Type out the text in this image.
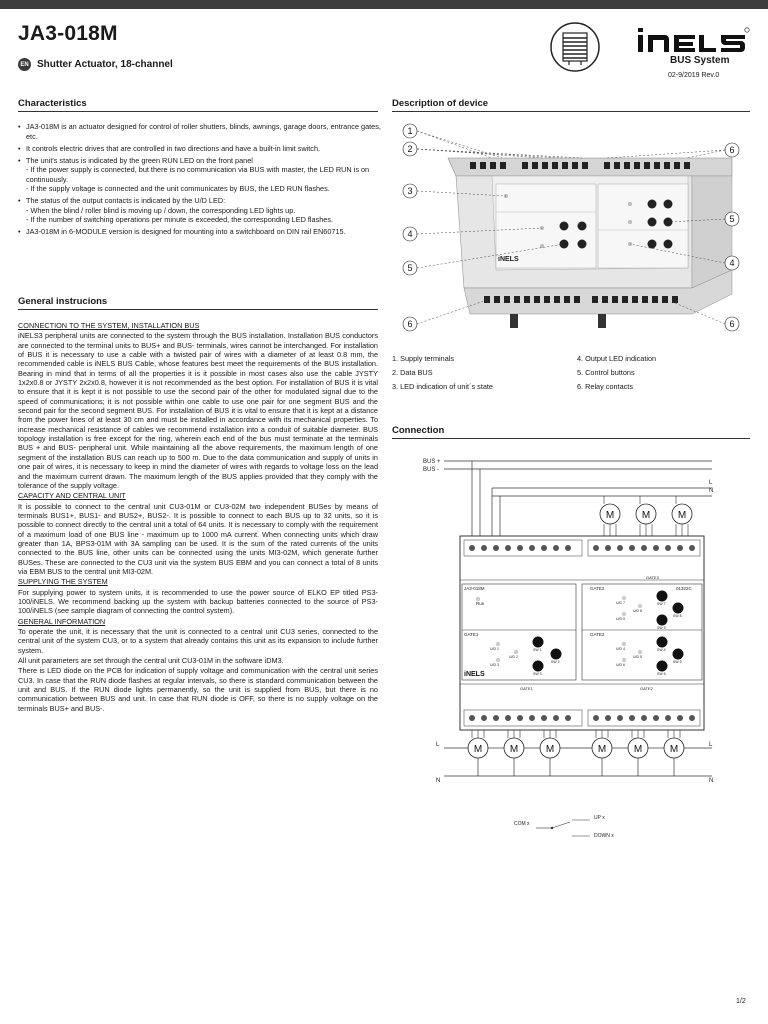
JA3-018M
EN Shutter Actuator, 18-channel	BUS System
02-9/2019 Rev.0
Characteristics
• JA3-018M is an actuator designed for control of roller shutters, blinds, awnings, garage doors, entrance gates, etc.
• It controls electric drives that are controlled in two directions and have a built-in limit switch.
• The unit's status is indicated by the green RUN LED on the front panel
- If the power supply is connected, but there is no communication via BUS with master, the LED RUN is on continuously.
- If the supply voltage is connected and the unit communicates by BUS, the LED RUN flashes.
• The status of the output contacts is indicated by the U/D LED:
- When the blind / roller blind is moving up / down, the corresponding LED lights up.
- If the number of switching operations per minute is exceeded, the corresponding LED flashes.
• JA3-018M in 6-MODULE version is designed for mounting into a switchboard on DIN rail EN60715.
General instrucions

CONNECTION TO THE SYSTEM, INSTALLATION BUS

iNELS3 peripheral units are connected to the system through the BUS installation. Installation BUS conductors are connected to the terminal units to BUS+ and BUS- terminals, wires cannot be interchanged. For installation of BUS it is necessary to use a cable with a twisted pair of wires with a diameter of at least 0.8 mm, the recommended cable is iNELS BUS Cable, whose features best meet the requirements of the BUS installation. Bearing in mind that in terms of all the properties it is it possible in most cases also use the cable JYSTY 1x2x0.8 or JYSTY 2x2x0.8, however it is not recommended as the best option. For installation of BUS it is vital to ensure that it is kept it is not possible to use the second pair of the other for modulated signal due to the speed of communications; it is not possible within one cable to use one pair for one segment BUS and the second pair for the second segment BUS. For installation of BUS it is vital to ensure that it is kept at a distance from the power lines of at least 30 cm and must be installed in accordance with its mechanical properties. To increase mechanical resistance of cables we recommend installation into a conduit of suitable diameter. BUS topology installation is free except for the ring, wherein each end of the bus must terminate at the terminals BUS + and BUS- peripheral unit. While maintaining all the above requirements, the maximum length of one segment of the installation BUS can reach up to 500 m. Due to the data communication and supply of units in one pair of wires, it is necessary to keep in mind the diameter of wires with regards to voltage loss on the lead and the maximum current drawn. The maximum length of the BUS applies provided that they comply with the tolerance of the supply voltage.

CAPACITY AND CENTRAL UNIT

It is possible to connect to the central unit CU3-01M or CU3-02M two independent BUSes by means of terminals BUS1+, BUS1- and BUS2+, BUS2-. It is possible to connect to each BUS up to 32 units, so it is possible to connect directly to the central unit a total of 64 units. It is necessary to comply with the requirement of a maximum load of one BUS line - maximum up to 1000 mA current. When connecting units which draw greater than 1A, BPS3-01M with 3A sampling can be used. It is the sum of the rated currents of the units connected to the BUS line, other units can be connected using the units MI3-02M, which generate further BUSes. These are connected to the CU3 unit via the system BUS EBM and you can connect a total of 8 units via EBM BUS to the central unit MI3-02M.

SUPPLYING THE SYSTEM

For supplying power to system units, it is recommended to use the power source of ELKO EP titled PS3-100/iNELS. We recommend backing up the system with backup batteries connected to the source of PS3-100/iNELS (see sample diagram of connecting the control system).

GENERAL INFORMATION

To operate the unit, it is necessary that the unit is connected to a central unit CU3 series, connected to the central unit of the system CU3, or to a system that already contains this unit as its expansion to include further system.

All unit parameters are set through the central unit CU3-01M in the software iDM3.

There is LED diode on the PCB for indication of supply voltage and communication with the central unit series CU3. In case that the RUN diode flashes at regular intervals, so there is standard communication between the unit and BUS. If the RUN diode lights permanently, so the unit is supplied from BUS, but there is no communication between BUS and unit. In case that RUN diode is OFF, so there is no supply voltage on the terminals BUS+ and BUS-.

Description of device
iNELS
1
2
3
4
5
6
5
4
6
6
1. Supply terminals	4. Output LED indication
2. Data BUS	5. Control buttons
3. LED indication of unit´s state	6. Relay contacts
Connection
BUS +
BUS -
L
N
L
N
L
N
M	M	M
GATE3
JA3-018M
Run
01322C
GATE1
GATE2
GATE2
iNELS
U/D 7
U/D 8
U/D 9
U/D 4
U/D 5
U/D 6
U/D 1
U/D 2
U/D 3
SW 7
SW 8
SW 9
SW 4
SW 5
SW 6
SW 1
SW 2
SW 3
GATE1	GATE2
M	M	M	M	M	M
COM x
UP x
DOWN x
1/2
